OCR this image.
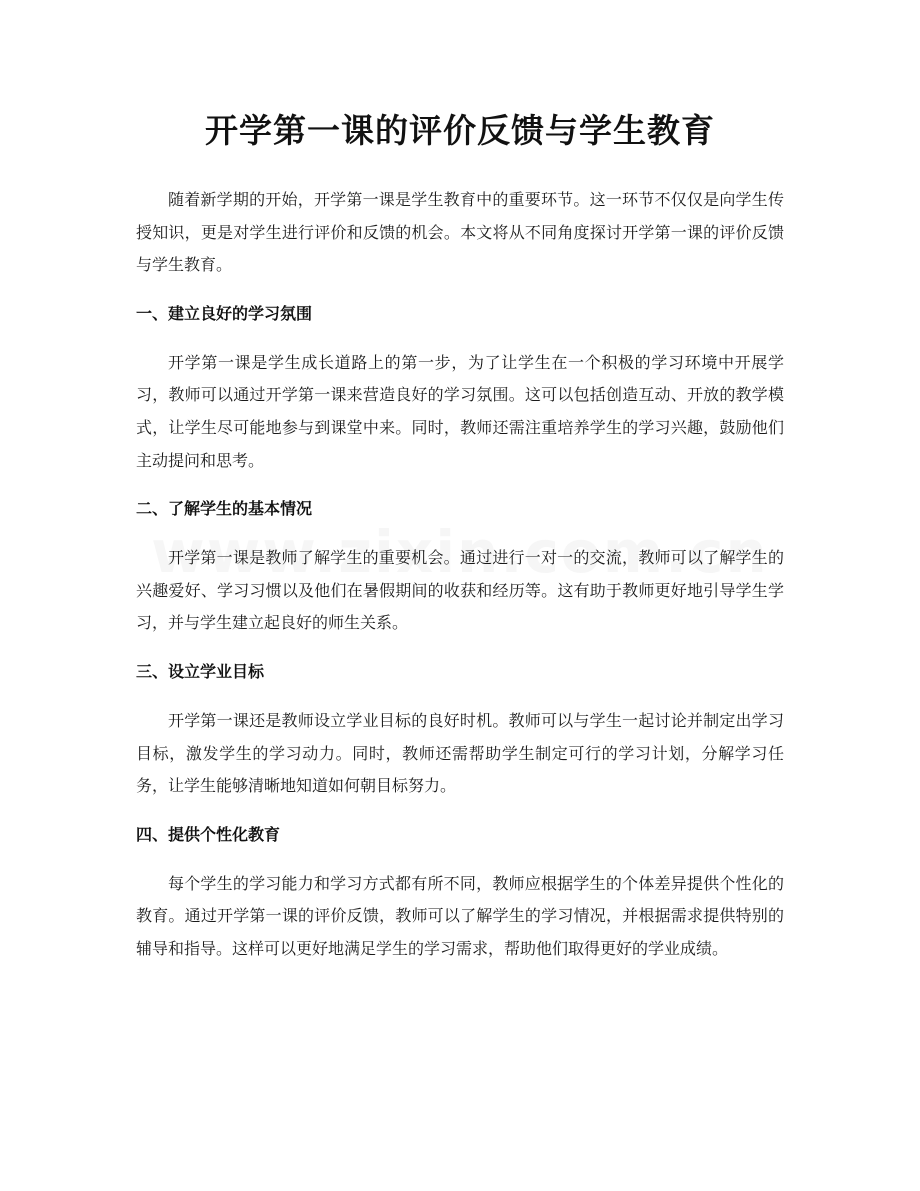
开学第一课的评价反馈与学生教育

随着新学期的开始，开学第一课是学生教育中的重要环节。这一环节不仅仅是向学生传授知识，更是对学生进行评价和反馈的机会。本文将从不同角度探讨开学第一课的评价反馈与学生教育。

一、建立良好的学习氛围

开学第一课是学生成长道路上的第一步，为了让学生在一个积极的学习环境中开展学习，教师可以通过开学第一课来营造良好的学习氛围。这可以包括创造互动、开放的教学模式，让学生尽可能地参与到课堂中来。同时，教师还需注重培养学生的学习兴趣，鼓励他们主动提问和思考。

二、了解学生的基本情况

开学第一课是教师了解学生的重要机会。通过进行一对一的交流，教师可以了解学生的兴趣爱好、学习习惯以及他们在暑假期间的收获和经历等。这有助于教师更好地引导学生学习，并与学生建立起良好的师生关系。

三、设立学业目标

开学第一课还是教师设立学业目标的良好时机。教师可以与学生一起讨论并制定出学习目标，激发学生的学习动力。同时，教师还需帮助学生制定可行的学习计划，分解学习任务，让学生能够清晰地知道如何朝目标努力。

四、提供个性化教育

每个学生的学习能力和学习方式都有所不同，教师应根据学生的个体差异提供个性化的教育。通过开学第一课的评价反馈，教师可以了解学生的学习情况，并根据需求提供特别的辅导和指导。这样可以更好地满足学生的学习需求，帮助他们取得更好的学业成绩。
